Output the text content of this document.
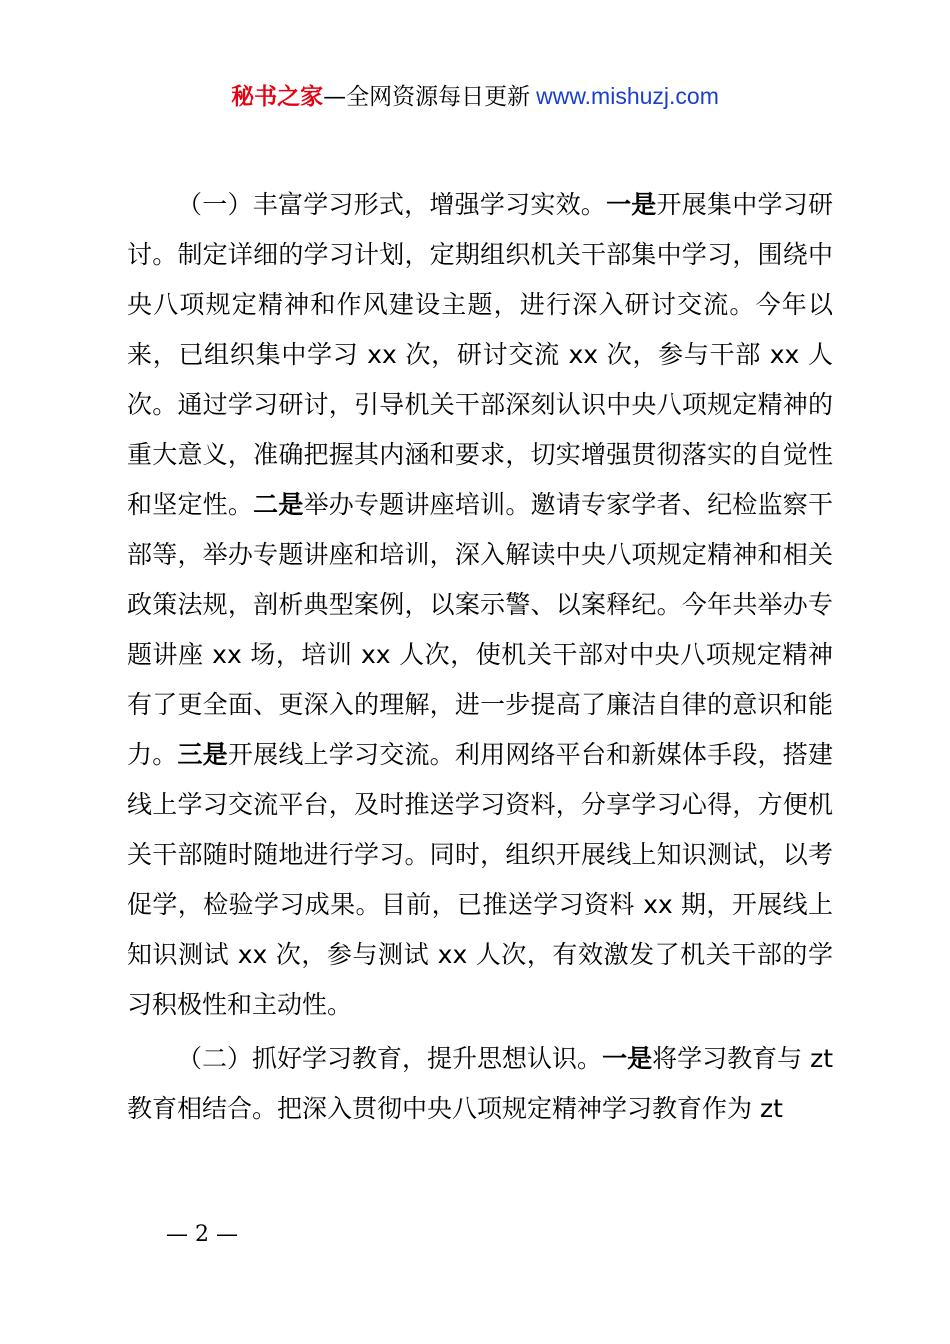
秘书之家—全网资源每日更新 www.mishuzj.com

（一）丰富学习形式，增强学习实效。一是开展集中学习研讨。制定详细的学习计划，定期组织机关干部集中学习，围绕中央八项规定精神和作风建设主题，进行深入研讨交流。今年以来，已组织集中学习 xx 次，研讨交流 xx 次，参与干部 xx 人次。通过学习研讨，引导机关干部深刻认识中央八项规定精神的重大意义，准确把握其内涵和要求，切实增强贯彻落实的自觉性和坚定性。二是举办专题讲座培训。邀请专家学者、纪检监察干部等，举办专题讲座和培训，深入解读中央八项规定精神和相关政策法规，剖析典型案例，以案示警、以案释纪。今年共举办专题讲座 xx 场，培训 xx 人次，使机关干部对中央八项规定精神有了更全面、更深入的理解，进一步提高了廉洁自律的意识和能力。三是开展线上学习交流。利用网络平台和新媒体手段，搭建线上学习交流平台，及时推送学习资料，分享学习心得，方便机关干部随时随地进行学习。同时，组织开展线上知识测试，以考促学，检验学习成果。目前，已推送学习资料 xx 期，开展线上知识测试 xx 次，参与测试 xx 人次，有效激发了机关干部的学习积极性和主动性。

（二）抓好学习教育，提升思想认识。一是将学习教育与 zt 教育相结合。把深入贯彻中央八项规定精神学习教育作为 zt

— 2 —
